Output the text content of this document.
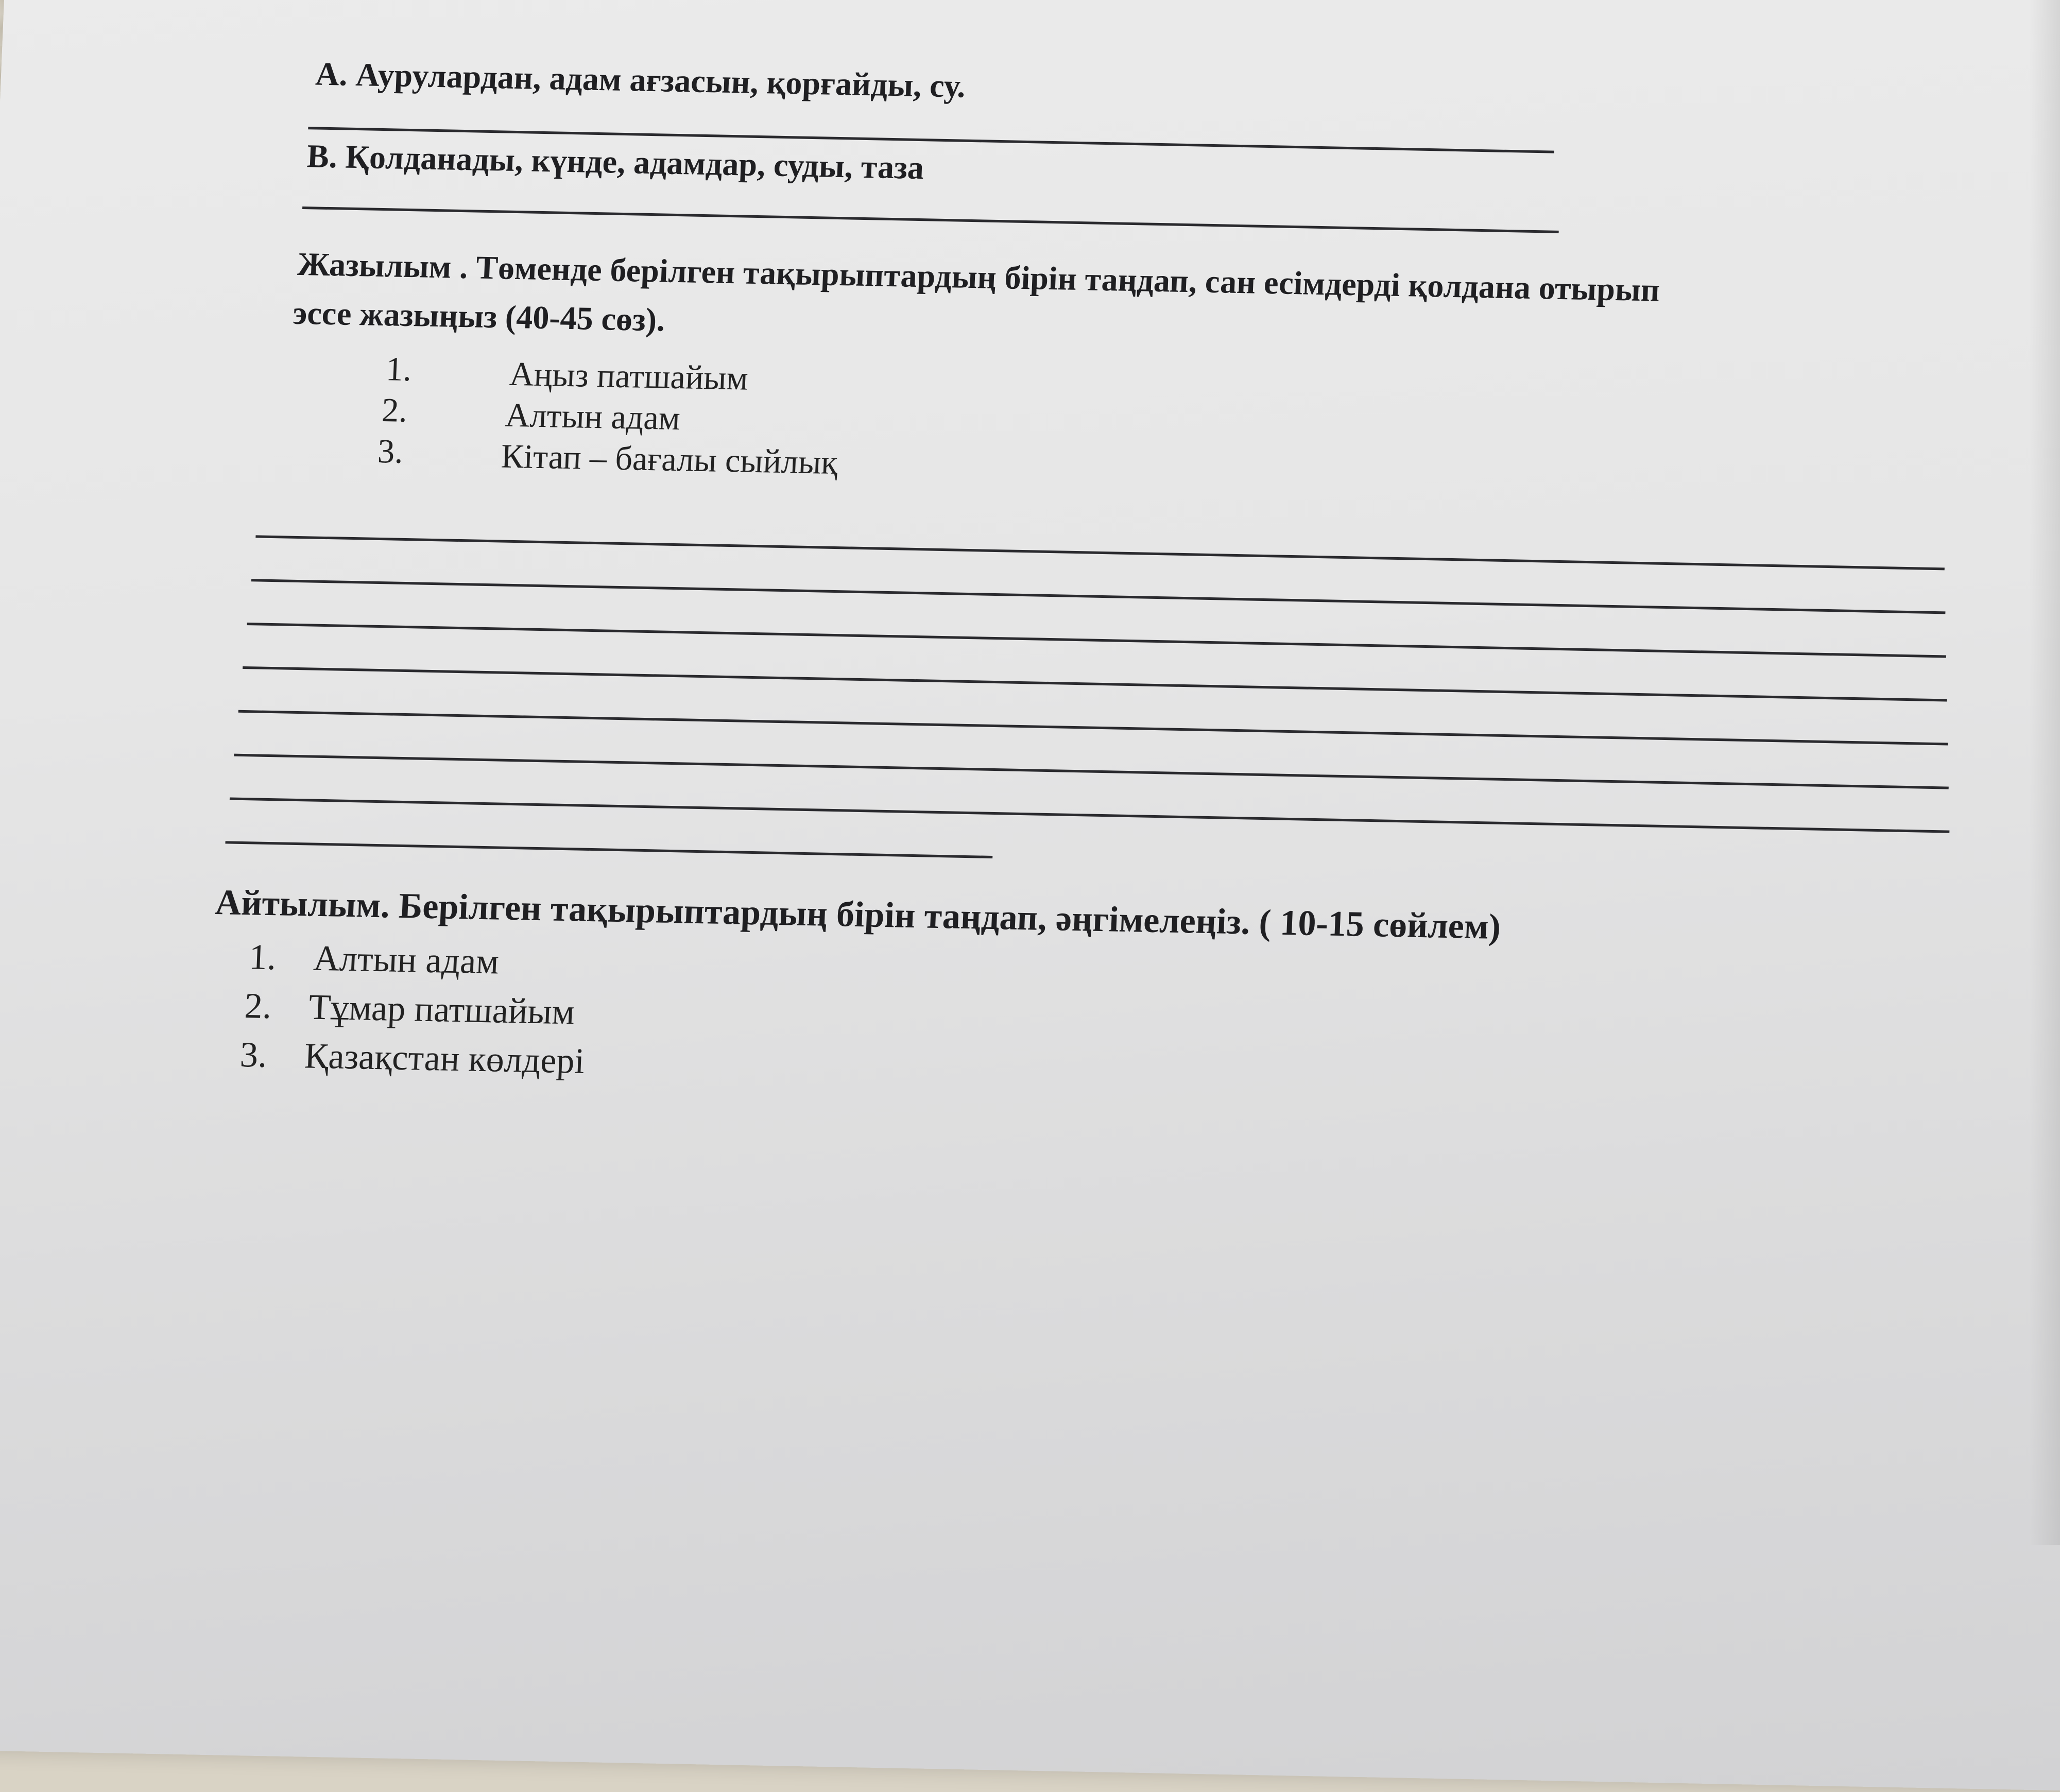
A. Аурулардан, адам ағзасын, қорғайды, су.
B. Қолданады, күнде, адамдар, суды, таза
Жазылым . Төменде берілген тақырыптардың бірін таңдап, сан есімдерді қолдана отырып
эссе жазыңыз (40-45 сөз).
1.	Аңыз патшайым
2.	Алтын адам
3.	Кітап – бағалы сыйлық
Айтылым. Берілген тақырыптардың бірін таңдап, әңгімелеңіз. ( 10-15 сөйлем)
1. Алтын адам
2. Тұмар патшайым
3. Қазақстан көлдері
